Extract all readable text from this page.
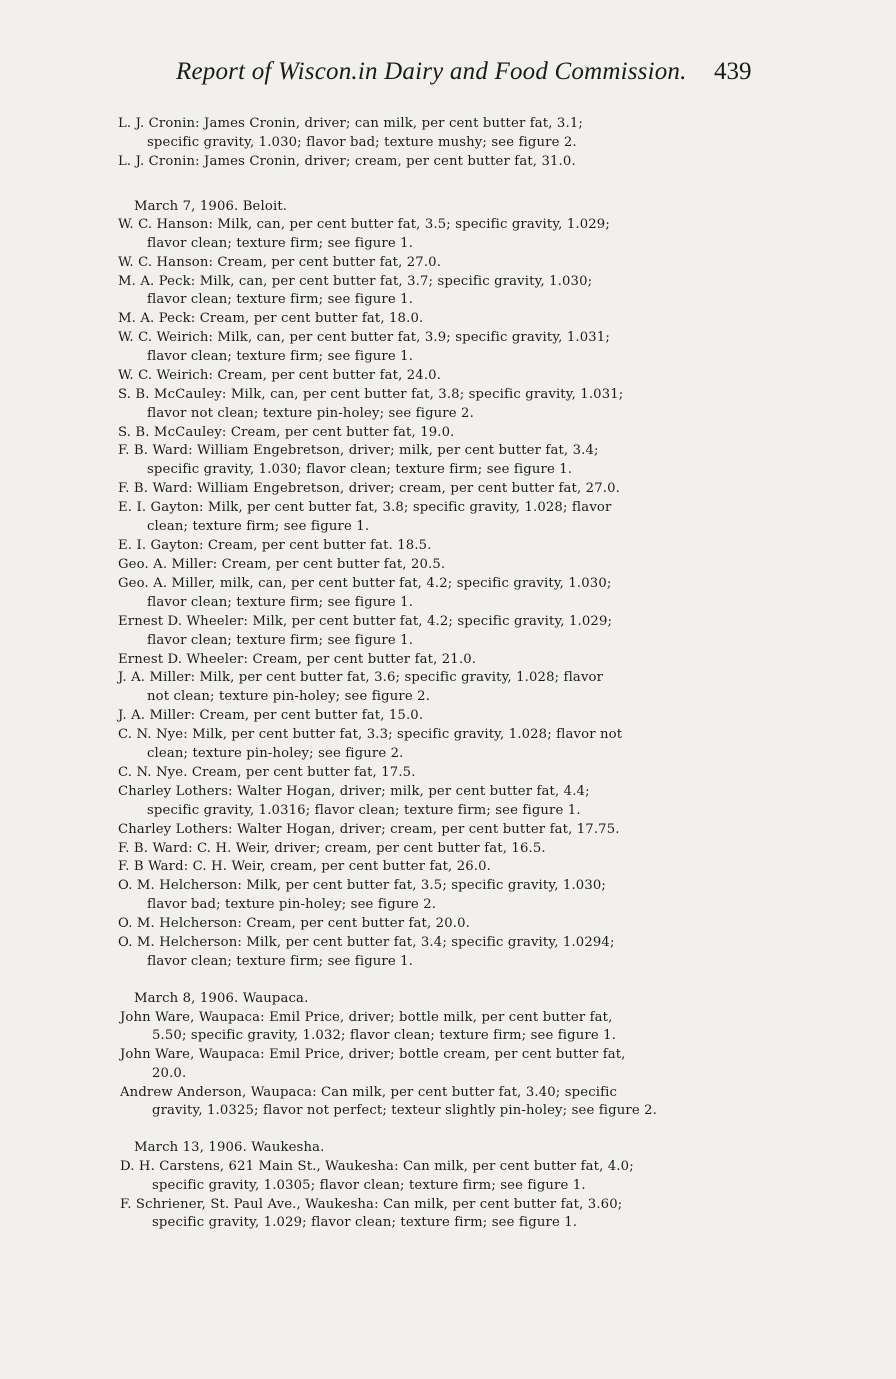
Report of Wiscon.in Dairy and Food Commission. 439
L. J. Cronin: James Cronin, driver; can milk, per cent butter fat, 3.1;
specific gravity, 1.030; flavor bad; texture mushy; see figure 2.
L. J. Cronin: James Cronin, driver; cream, per cent butter fat, 31.0.
March 7, 1906. Beloit.
W. C. Hanson: Milk, can, per cent butter fat, 3.5; specific gravity, 1.029;
flavor clean; texture firm; see figure 1.
W. C. Hanson: Cream, per cent butter fat, 27.0.
M. A. Peck: Milk, can, per cent butter fat, 3.7; specific gravity, 1.030;
flavor clean; texture firm; see figure 1.
M. A. Peck: Cream, per cent butter fat, 18.0.
W. C. Weirich: Milk, can, per cent butter fat, 3.9; specific gravity, 1.031;
flavor clean; texture firm; see figure 1.
W. C. Weirich: Cream, per cent butter fat, 24.0.
S. B. McCauley: Milk, can, per cent butter fat, 3.8; specific gravity, 1.031;
flavor not clean; texture pin-holey; see figure 2.
S. B. McCauley: Cream, per cent butter fat, 19.0.
F. B. Ward: William Engebretson, driver; milk, per cent butter fat, 3.4;
specific gravity, 1.030; flavor clean; texture firm; see figure 1.
F. B. Ward: William Engebretson, driver; cream, per cent butter fat, 27.0.
E. I. Gayton: Milk, per cent butter fat, 3.8; specific gravity, 1.028; flavor
clean; texture firm; see figure 1.
E. I. Gayton: Cream, per cent butter fat. 18.5.
Geo. A. Miller: Cream, per cent butter fat, 20.5.
Geo. A. Miller, milk, can, per cent butter fat, 4.2; specific gravity, 1.030;
flavor clean; texture firm; see figure 1.
Ernest D. Wheeler: Milk, per cent butter fat, 4.2; specific gravity, 1.029;
flavor clean; texture firm; see figure 1.
Ernest D. Wheeler: Cream, per cent butter fat, 21.0.
J. A. Miller: Milk, per cent butter fat, 3.6; specific gravity, 1.028; flavor
not clean; texture pin-holey; see figure 2.
J. A. Miller: Cream, per cent butter fat, 15.0.
C. N. Nye: Milk, per cent butter fat, 3.3; specific gravity, 1.028; flavor not
clean; texture pin-holey; see figure 2.
C. N. Nye. Cream, per cent butter fat, 17.5.
Charley Lothers: Walter Hogan, driver; milk, per cent butter fat, 4.4;
specific gravity, 1.0316; flavor clean; texture firm; see figure 1.
Charley Lothers: Walter Hogan, driver; cream, per cent butter fat, 17.75.
F. B. Ward: C. H. Weir, driver; cream, per cent butter fat, 16.5.
F. B Ward: C. H. Weir, cream, per cent butter fat, 26.0.
O. M. Helcherson: Milk, per cent butter fat, 3.5; specific gravity, 1.030;
flavor bad; texture pin-holey; see figure 2.
O. M. Helcherson: Cream, per cent butter fat, 20.0.
O. M. Helcherson: Milk, per cent butter fat, 3.4; specific gravity, 1.0294;
flavor clean; texture firm; see figure 1.
March 8, 1906. Waupaca.
John Ware, Waupaca: Emil Price, driver; bottle milk, per cent butter fat,
5.50; specific gravity, 1.032; flavor clean; texture firm; see figure 1.
John Ware, Waupaca: Emil Price, driver; bottle cream, per cent butter fat,
20.0.
Andrew Anderson, Waupaca: Can milk, per cent butter fat, 3.40; specific
gravity, 1.0325; flavor not perfect; texteur slightly pin-holey; see figure 2.
March 13, 1906. Waukesha.
D. H. Carstens, 621 Main St., Waukesha: Can milk, per cent butter fat, 4.0;
specific gravity, 1.0305; flavor clean; texture firm; see figure 1.
F. Schriener, St. Paul Ave., Waukesha: Can milk, per cent butter fat, 3.60;
specific gravity, 1.029; flavor clean; texture firm; see figure 1.
